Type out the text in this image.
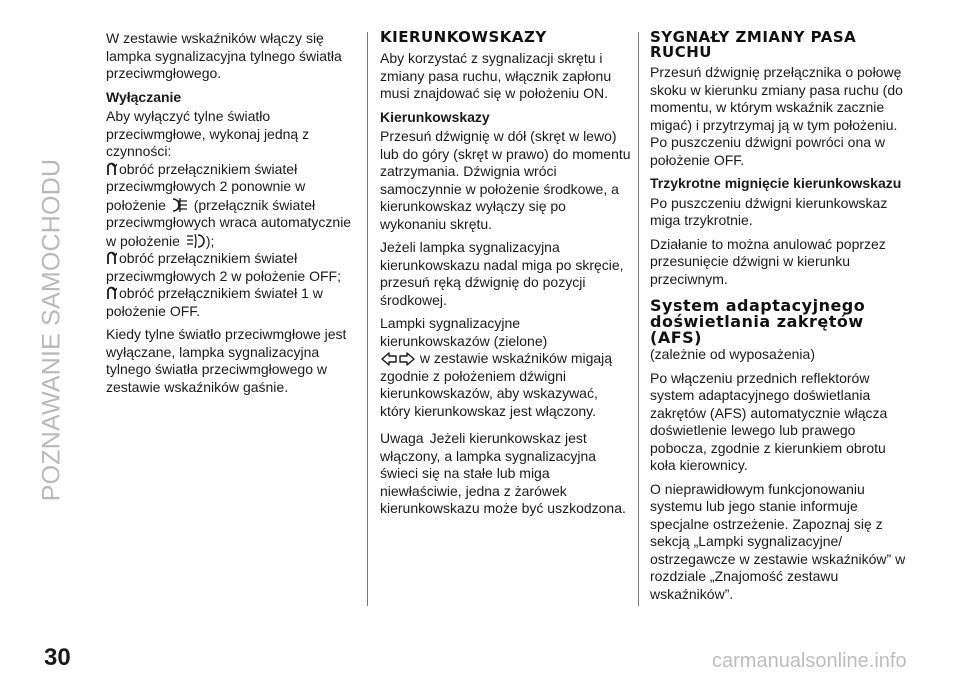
POZNAWANIE SAMOCHODU
30	carmanualsonline.info

W zestawie wskaźników włączy się lampka sygnalizacyjna tylnego światła przeciwmgłowego.

Wyłączanie

Aby wyłączyć tylne światło przeciwmgłowe, wykonaj jedną z czynności:

obróć przełącznikiem świateł przeciwmgłowych 2 ponownie w położenie (przełącznik świateł przeciwmgłowych wraca automatycznie w położenie );

obróć przełącznikiem świateł przeciwmgłowych 2 w położenie OFF;

obróć przełącznikiem świateł 1 w położenie OFF.

Kiedy tylne światło przeciwmgłowe jest wyłączane, lampka sygnalizacyjna tylnego światła przeciwmgłowego w zestawie wskaźników gaśnie.

KIERUNKOWSKAZY

Aby korzystać z sygnalizacji skrętu i zmiany pasa ruchu, włącznik zapłonu musi znajdować się w położeniu ON.

Kierunkowskazy

Przesuń dźwignię w dół (skręt w lewo) lub do góry (skręt w prawo) do momentu zatrzymania. Dźwignia wróci samoczynnie w położenie środkowe, a kierunkowskaz wyłączy się po wykonaniu skrętu.

Jeżeli lampka sygnalizacyjna kierunkowskazu nadal miga po skręcie, przesuń ręką dźwignię do pozycji środkowej.

Lampki sygnalizacyjne kierunkowskazów (zielone)
w zestawie wskaźników migają zgodnie z położeniem dźwigni kierunkowskazów, aby wskazywać, który kierunkowskaz jest włączony.

Uwaga Jeżeli kierunkowskaz jest włączony, a lampka sygnalizacyjna świeci się na stałe lub miga niewłaściwie, jedna z żarówek kierunkowskazu może być uszkodzona.

SYGNAŁY ZMIANY PASA RUCHU

Przesuń dźwignię przełącznika o połowę skoku w kierunku zmiany pasa ruchu (do momentu, w którym wskaźnik zacznie migać) i przytrzymaj ją w tym położeniu. Po puszczeniu dźwigni powróci ona w położenie OFF.

Trzykrotne mignięcie kierunkowskazu

Po puszczeniu dźwigni kierunkowskaz miga trzykrotnie.

Działanie to można anulować poprzez przesunięcie dźwigni w kierunku przeciwnym.

System adaptacyjnego doświetlania zakrętów (AFS)

(zależnie od wyposażenia)

Po włączeniu przednich reflektorów system adaptacyjnego doświetlania zakrętów (AFS) automatycznie włącza doświetlenie lewego lub prawego pobocza, zgodnie z kierunkiem obrotu koła kierownicy.

O nieprawidłowym funkcjonowaniu systemu lub jego stanie informuje specjalne ostrzeżenie. Zapoznaj się z sekcją „Lampki sygnalizacyjne/ ostrzegawcze w zestawie wskaźników” w rozdziale „Znajomość zestawu wskaźników”.
